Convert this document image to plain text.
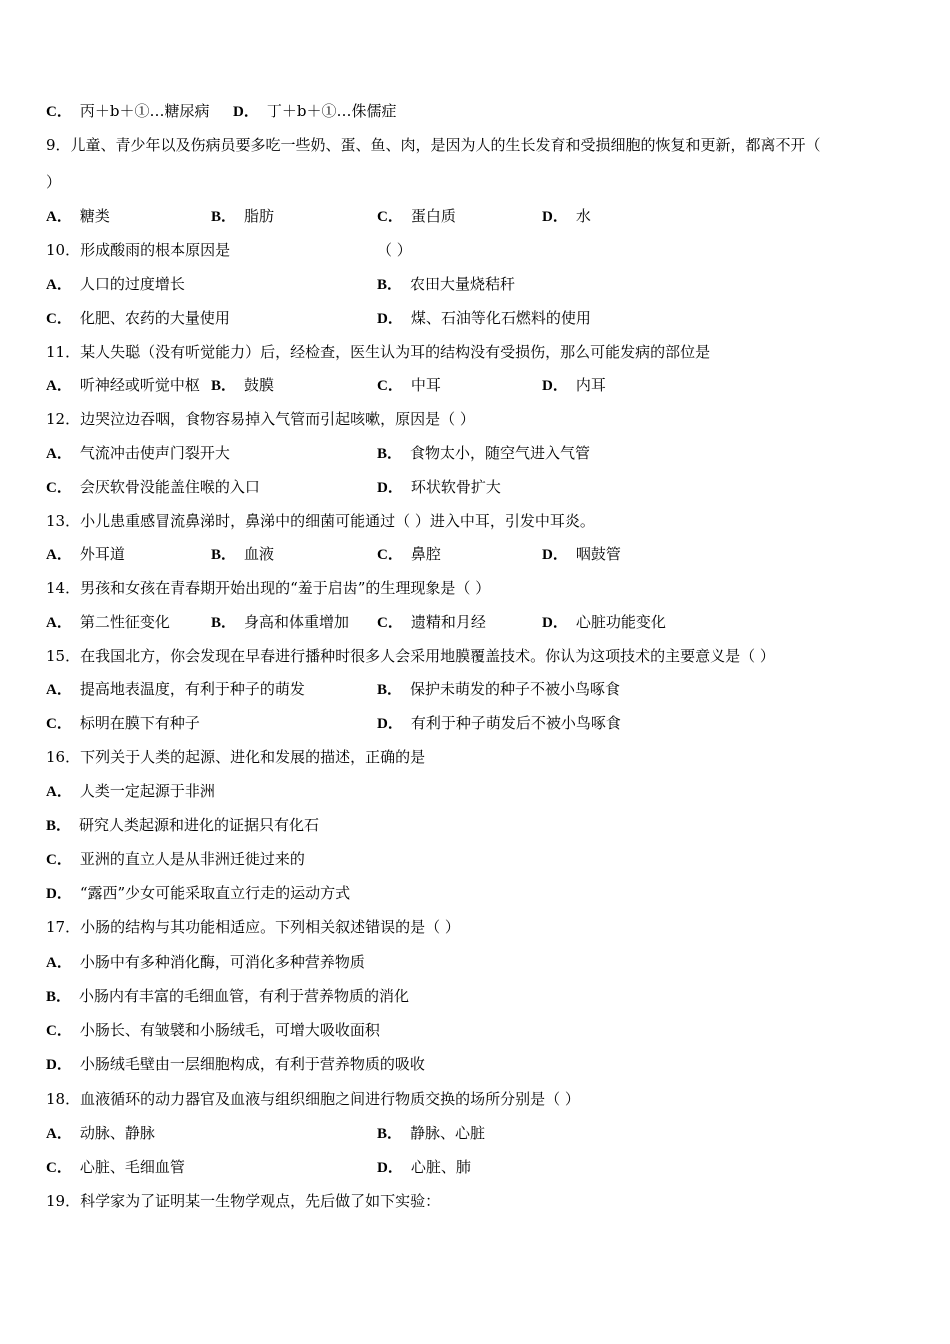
C． 丙＋b＋①…糖尿病 D． 丁＋b＋①…侏儒症
9．儿童、青少年以及伤病员要多吃一些奶、蛋、鱼、肉，是因为人的生长发育和受损细胞的恢复和更新，都离不开（
）
A． 糖类	B． 脂肪	C． 蛋白质	D． 水
10．形成酸雨的根本原因是	（ ）
A． 人口的过度增长	B． 农田大量烧秸秆
C． 化肥、农药的大量使用	D． 煤、石油等化石燃料的使用
11．某人失聪（没有听觉能力）后，经检查，医生认为耳的结构没有受损伤，那么可能发病的部位是
A． 听神经或听觉中枢 B． 鼓膜	C． 中耳	D． 内耳
12．边哭泣边吞咽，食物容易掉入气管而引起咳嗽，原因是（ ）
A． 气流冲击使声门裂开大	B． 食物太小，随空气进入气管
C． 会厌软骨没能盖住喉的入口	D． 环状软骨扩大
13．小儿患重感冒流鼻涕时，鼻涕中的细菌可能通过（ ）进入中耳，引发中耳炎。
A． 外耳道	B． 血液	C． 鼻腔	D． 咽鼓管
14．男孩和女孩在青春期开始出现的“羞于启齿”的生理现象是（ ）
A． 第二性征变化	B． 身高和体重增加 C． 遗精和月经	D． 心脏功能变化
15．在我国北方，你会发现在早春进行播种时很多人会采用地膜覆盖技术。你认为这项技术的主要意义是（ ）
A． 提高地表温度，有利于种子的萌发	B． 保护未萌发的种子不被小鸟啄食
C． 标明在膜下有种子	D． 有利于种子萌发后不被小鸟啄食
16．下列关于人类的起源、进化和发展的描述，正确的是
A． 人类一定起源于非洲
B． 研究人类起源和进化的证据只有化石
C． 亚洲的直立人是从非洲迁徙过来的
D． “露西”少女可能采取直立行走的运动方式
17．小肠的结构与其功能相适应。下列相关叙述错误的是（ ）
A． 小肠中有多种消化酶，可消化多种营养物质
B． 小肠内有丰富的毛细血管，有利于营养物质的消化
C． 小肠长、有皱襞和小肠绒毛，可增大吸收面积
D． 小肠绒毛壁由一层细胞构成，有利于营养物质的吸收
18．血液循环的动力器官及血液与组织细胞之间进行物质交换的场所分别是（ ）
A． 动脉、静脉	B． 静脉、心脏
C． 心脏、毛细血管	D． 心脏、肺
19．科学家为了证明某一生物学观点，先后做了如下实验：
